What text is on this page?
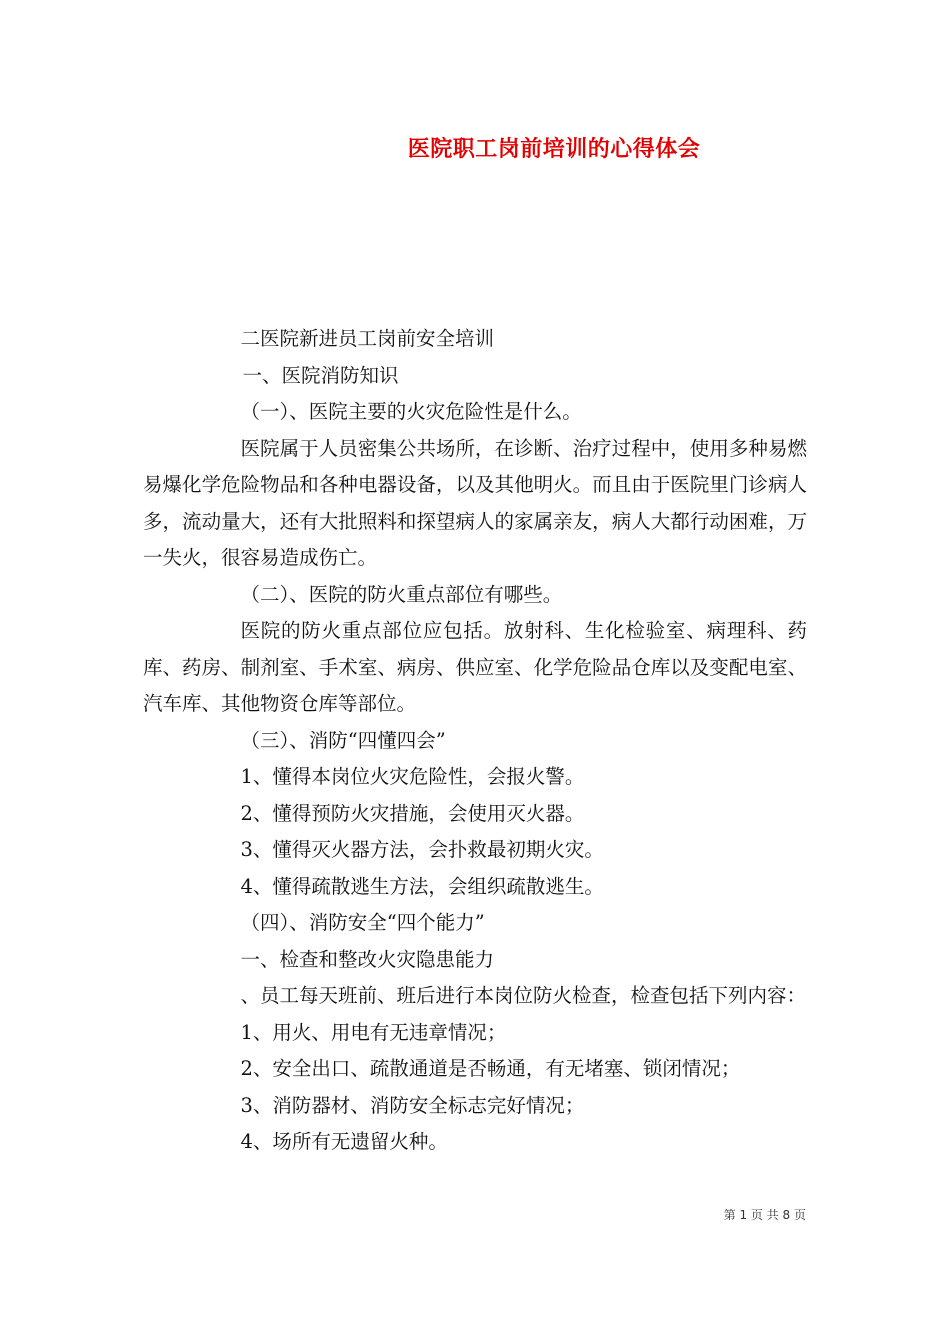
医院职工岗前培训的心得体会

二医院新进员工岗前安全培训

一、医院消防知识

（一）、医院主要的火灾危险性是什么。

医院属于人员密集公共场所，在诊断、治疗过程中，使用多种易燃易爆化学危险物品和各种电器设备，以及其他明火。而且由于医院里门诊病人多，流动量大，还有大批照料和探望病人的家属亲友，病人大都行动困难，万一失火，很容易造成伤亡。

（二）、医院的防火重点部位有哪些。

医院的防火重点部位应包括。放射科、生化检验室、病理科、药库、药房、制剂室、手术室、病房、供应室、化学危险品仓库以及变配电室、汽车库、其他物资仓库等部位。

（三）、消防“四懂四会”

1、懂得本岗位火灾危险性，会报火警。

2、懂得预防火灾措施，会使用灭火器。

3、懂得灭火器方法，会扑救最初期火灾。

4、懂得疏散逃生方法，会组织疏散逃生。

（四）、消防安全“四个能力”

一、检查和整改火灾隐患能力

、员工每天班前、班后进行本岗位防火检查，检查包括下列内容：

1、用火、用电有无违章情况；

2、安全出口、疏散通道是否畅通，有无堵塞、锁闭情况；

3、消防器材、消防安全标志完好情况；

4、场所有无遗留火种。

第 1 页 共 8 页
